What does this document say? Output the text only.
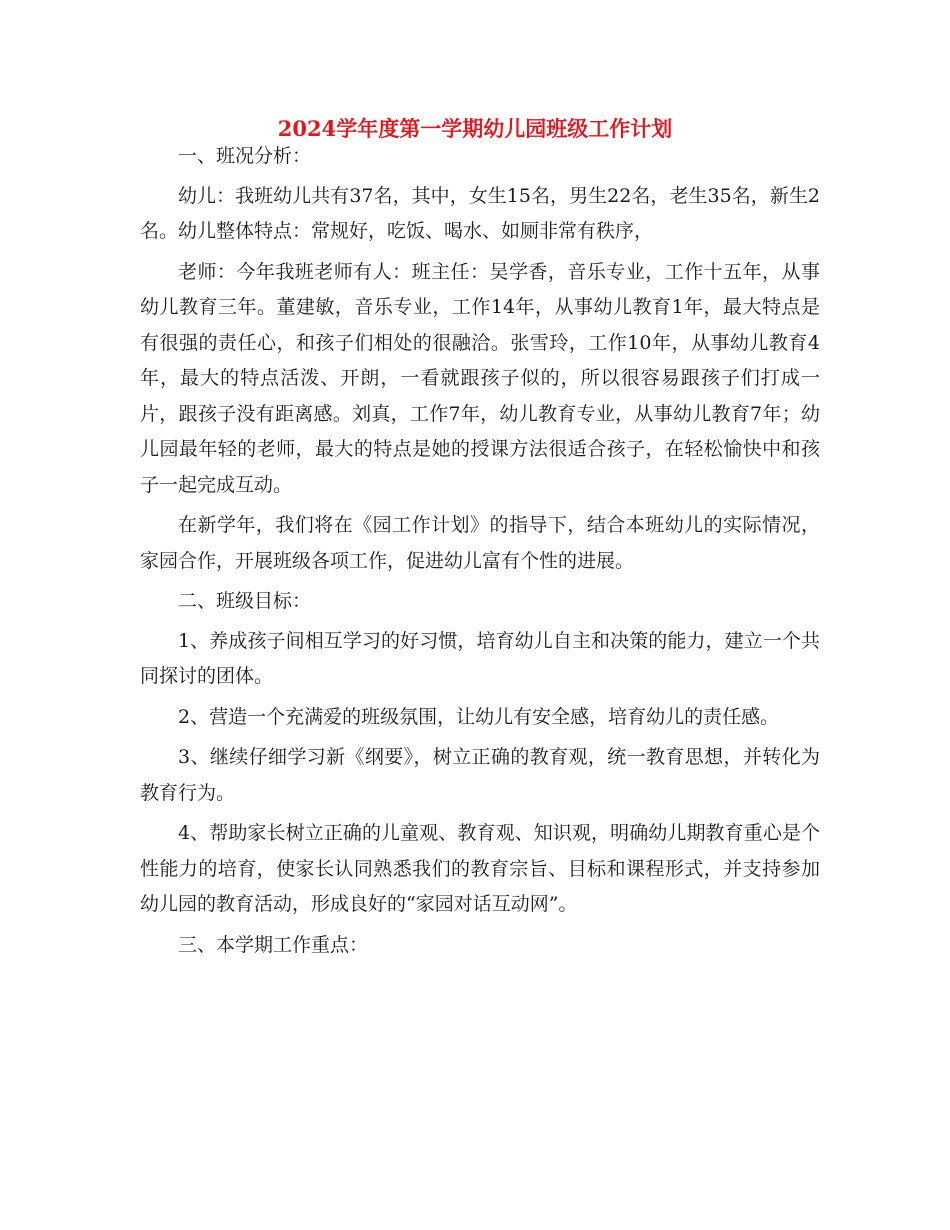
2024学年度第一学期幼儿园班级工作计划

一、班况分析：

幼儿：我班幼儿共有37名，其中，女生15名，男生22名，老生35名，新生2名。幼儿整体特点：常规好，吃饭、喝水、如厕非常有秩序，

老师：今年我班老师有人：班主任：吴学香，音乐专业，工作十五年，从事幼儿教育三年。董建敏，音乐专业，工作14年，从事幼儿教育1年，最大特点是有很强的责任心，和孩子们相处的很融洽。张雪玲，工作10年，从事幼儿教育4年，最大的特点活泼、开朗，一看就跟孩子似的，所以很容易跟孩子们打成一片，跟孩子没有距离感。刘真，工作7年，幼儿教育专业，从事幼儿教育7年；幼儿园最年轻的老师，最大的特点是她的授课方法很适合孩子，在轻松愉快中和孩子一起完成互动。

在新学年，我们将在《园工作计划》的指导下，结合本班幼儿的实际情况，家园合作，开展班级各项工作，促进幼儿富有个性的进展。

二、班级目标：

1、养成孩子间相互学习的好习惯，培育幼儿自主和决策的能力，建立一个共同探讨的团体。

2、营造一个充满爱的班级氛围，让幼儿有安全感，培育幼儿的责任感。

3、继续仔细学习新《纲要》，树立正确的教育观，统一教育思想，并转化为教育行为。

4、帮助家长树立正确的儿童观、教育观、知识观，明确幼儿期教育重心是个性能力的培育，使家长认同熟悉我们的教育宗旨、目标和课程形式，并支持参加幼儿园的教育活动，形成良好的“家园对话互动网”。

三、本学期工作重点：
